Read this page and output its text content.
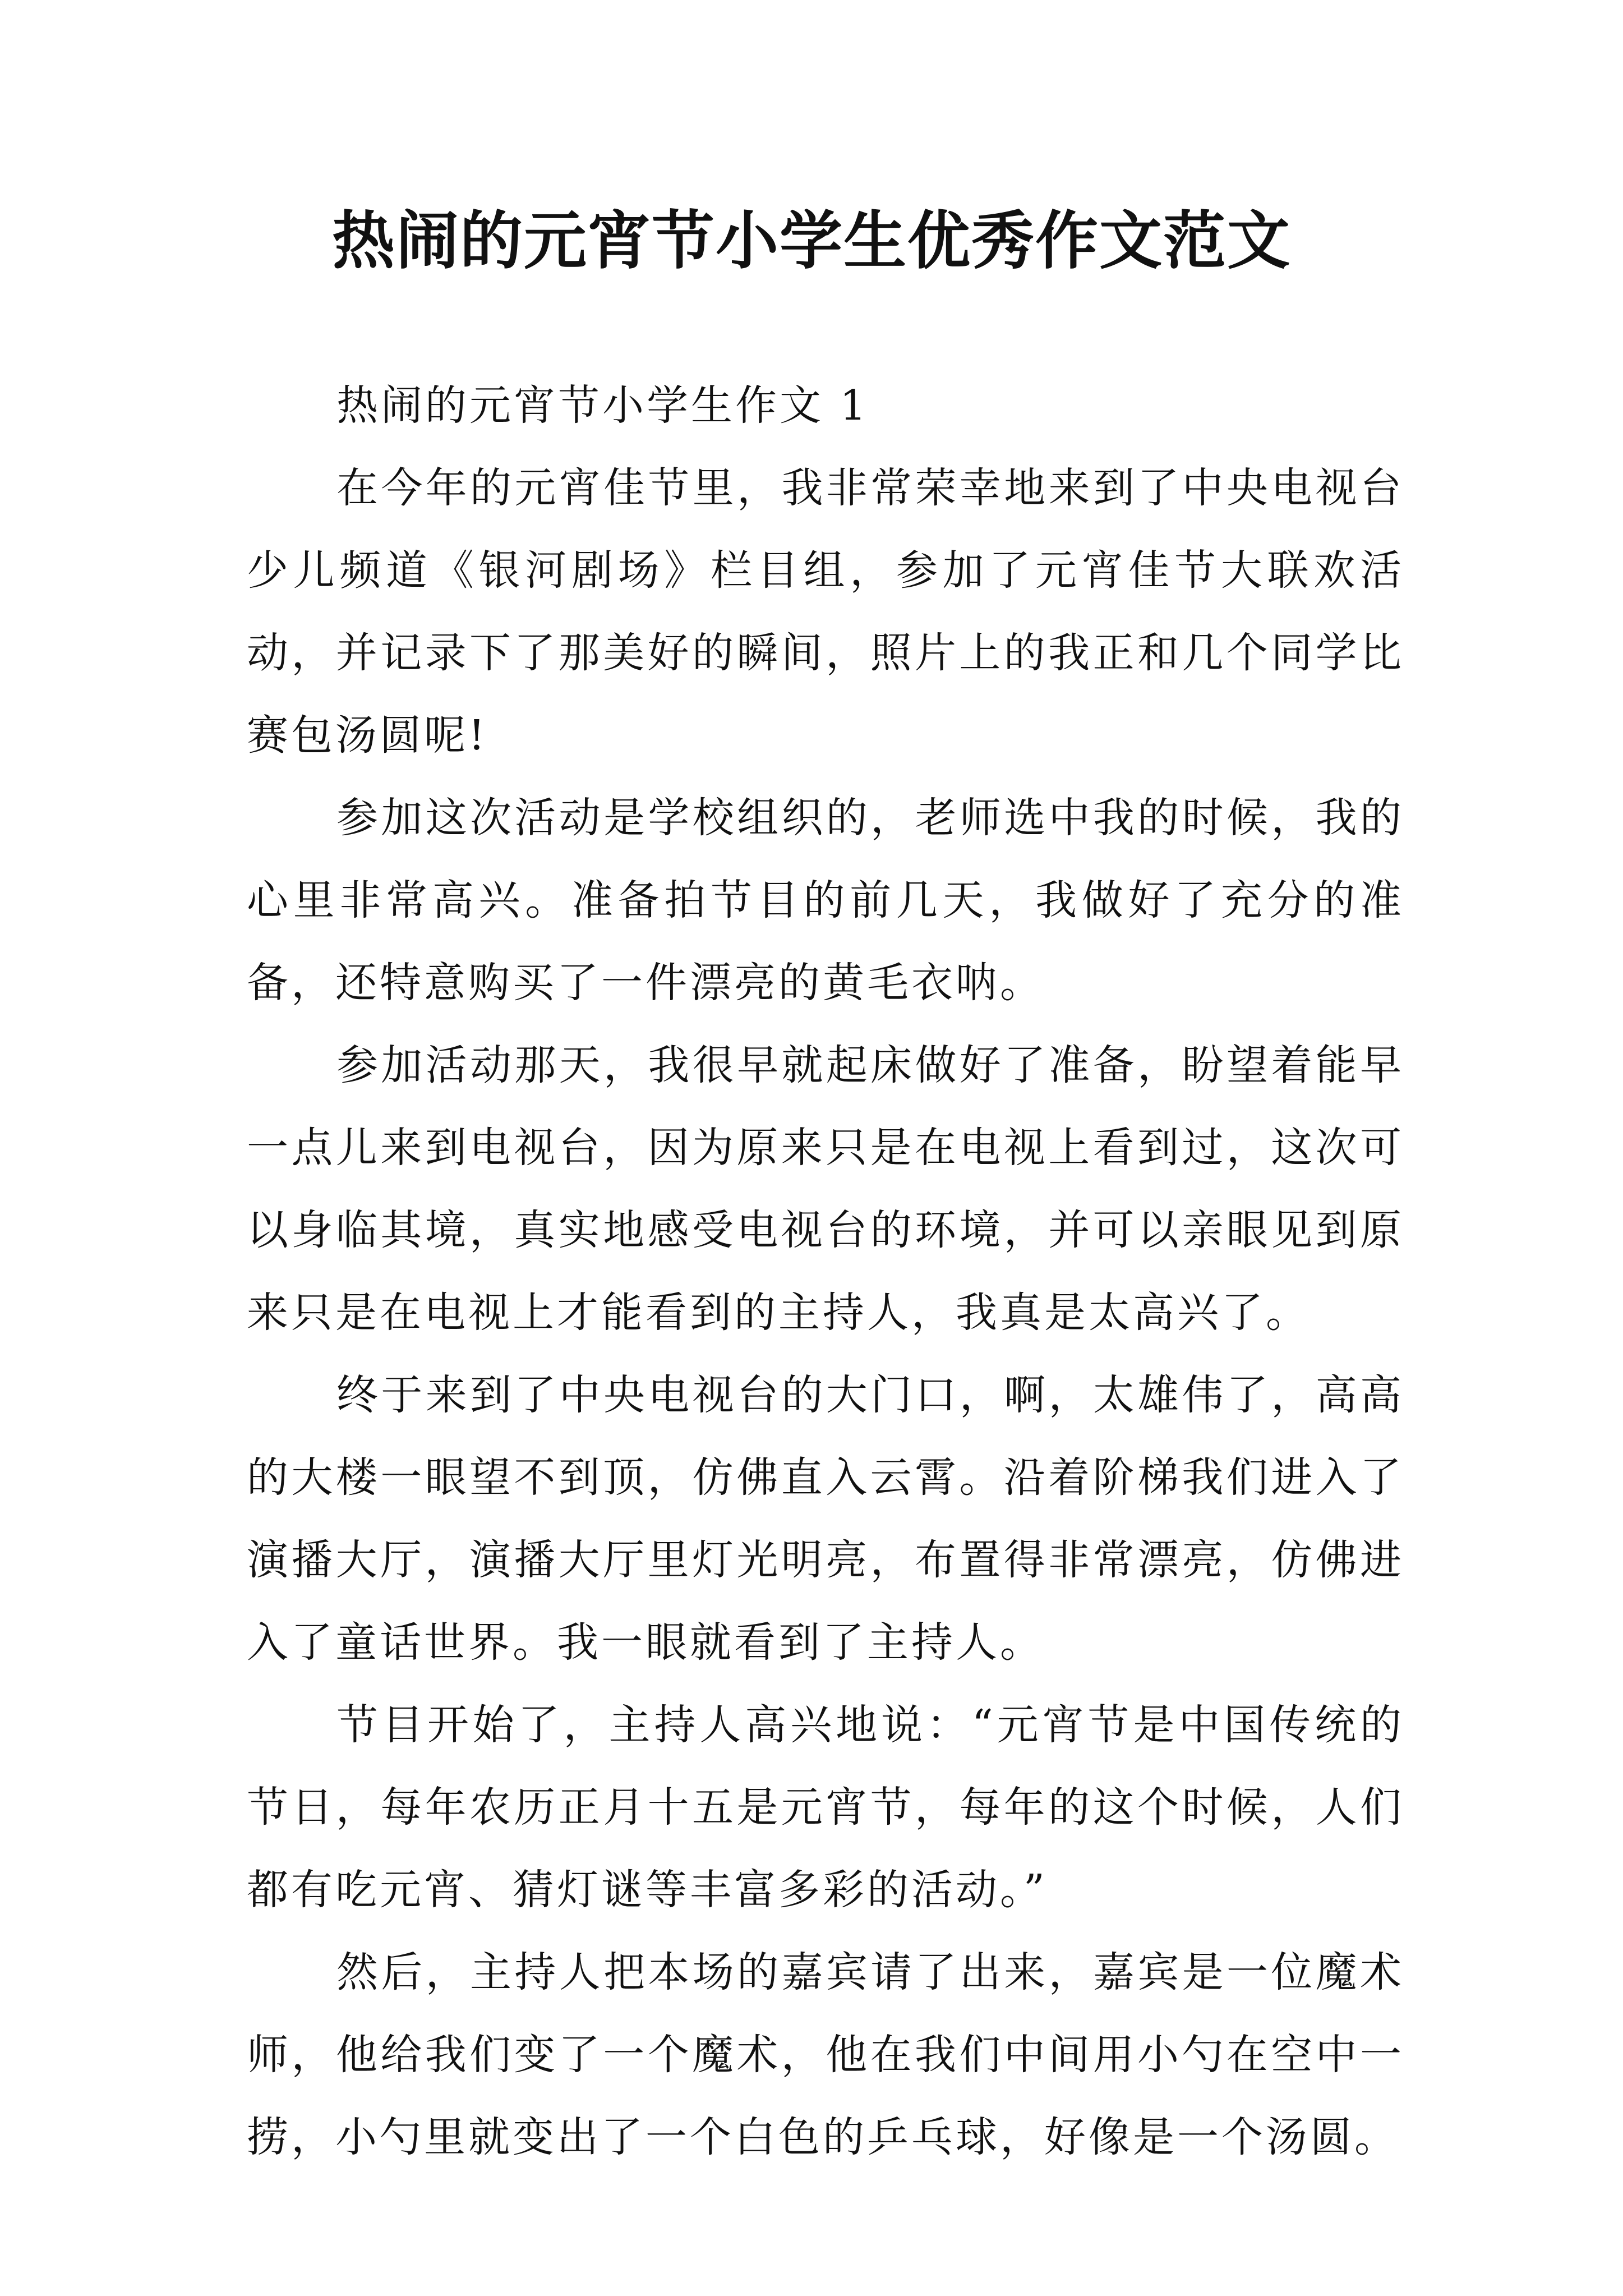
热闹的元宵节小学生优秀作文范文

热闹的元宵节小学生作文 1

在今年的元宵佳节里，我非常荣幸地来到了中央电视台少儿频道《银河剧场》栏目组，参加了元宵佳节大联欢活动，并记录下了那美好的瞬间，照片上的我正和几个同学比赛包汤圆呢!

参加这次活动是学校组织的，老师选中我的时候，我的心里非常高兴。准备拍节目的前几天，我做好了充分的准备，还特意购买了一件漂亮的黄毛衣呐。

参加活动那天，我很早就起床做好了准备，盼望着能早一点儿来到电视台，因为原来只是在电视上看到过，这次可以身临其境，真实地感受电视台的环境，并可以亲眼见到原来只是在电视上才能看到的主持人，我真是太高兴了。

终于来到了中央电视台的大门口，啊，太雄伟了，高高的大楼一眼望不到顶，仿佛直入云霄。沿着阶梯我们进入了演播大厅，演播大厅里灯光明亮，布置得非常漂亮，仿佛进入了童话世界。我一眼就看到了主持人。

节目开始了，主持人高兴地说：“元宵节是中国传统的节日，每年农历正月十五是元宵节，每年的这个时候，人们都有吃元宵、猜灯谜等丰富多彩的活动。”

然后，主持人把本场的嘉宾请了出来，嘉宾是一位魔术师，他给我们变了一个魔术，他在我们中间用小勺在空中一捞，小勺里就变出了一个白色的乒乓球，好像是一个汤圆。
